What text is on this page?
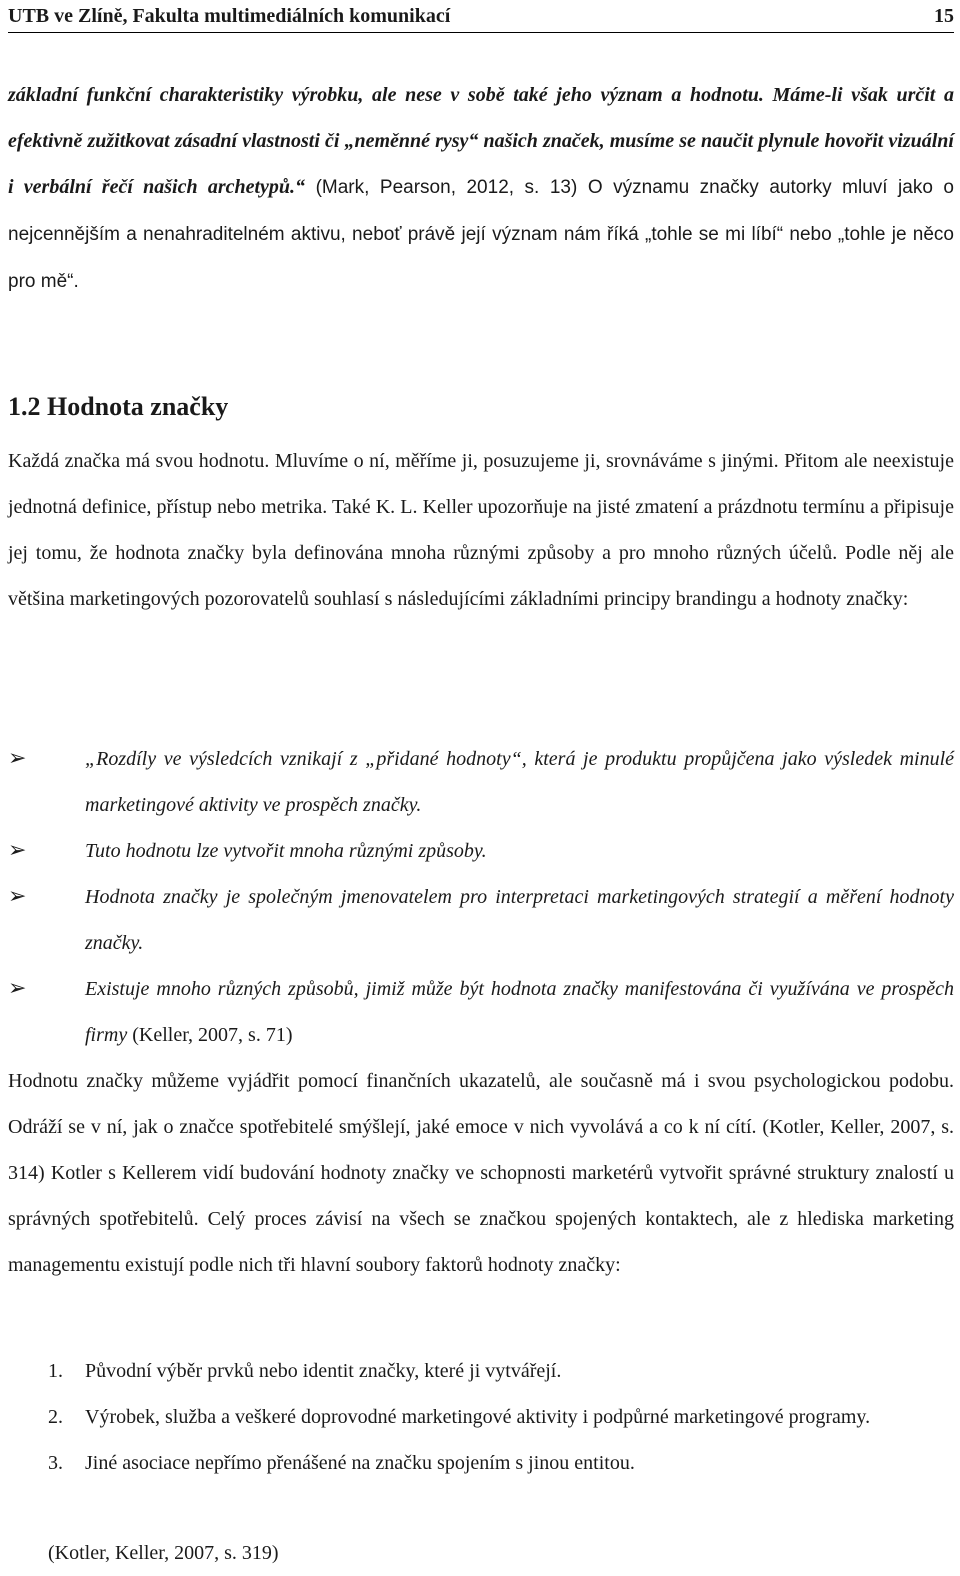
UTB ve Zlíně, Fakulta multimediálních komunikací	15
základní funkční charakteristiky výrobku, ale nese v sobě také jeho význam a hodnotu. Máme-li však určit a efektivně zužitkovat zásadní vlastnosti či „neměnné rysy“ našich značek, musíme se naučit plynule hovořit vizuální i verbální řečí našich archetypů.“ (Mark, Pearson, 2012, s. 13) O významu značky autorky mluví jako o nejcennějším a nenahraditelném aktivu, neboť právě její význam nám říká „tohle se mi líbí“ nebo „tohle je něco pro mě“.
1.2 Hodnota značky
Každá značka má svou hodnotu. Mluvíme o ní, měříme ji, posuzujeme ji, srovnáváme s jinými. Přitom ale neexistuje jednotná definice, přístup nebo metrika. Také K. L. Keller upozorňuje na jisté zmatení a prázdnotu termínu a připisuje jej tomu, že hodnota značky byla definována mnoha různými způsoby a pro mnoho různých účelů. Podle něj ale většina marketingových pozorovatelů souhlasí s následujícími základními principy brandingu a hodnoty značky:
➢	„Rozdíly ve výsledcích vznikají z „přidané hodnoty“, která je produktu propůjčena jako výsledek minulé marketingové aktivity ve prospěch značky.
➢	Tuto hodnotu lze vytvořit mnoha různými způsoby.
➢	Hodnota značky je společným jmenovatelem pro interpretaci marketingových strategií a měření hodnoty značky.
➢	Existuje mnoho různých způsobů, jimiž může být hodnota značky manifestována či využívána ve prospěch firmy (Keller, 2007, s. 71)
Hodnotu značky můžeme vyjádřit pomocí finančních ukazatelů, ale současně má i svou psychologickou podobu. Odráží se v ní, jak o značce spotřebitelé smýšlejí, jaké emoce v nich vyvolává a co k ní cítí. (Kotler, Keller, 2007, s. 314) Kotler s Kellerem vidí budování hodnoty značky ve schopnosti marketérů vytvořit správné struktury znalostí u správných spotřebitelů. Celý proces závisí na všech se značkou spojených kontaktech, ale z hlediska marketing managementu existují podle nich tři hlavní soubory faktorů hodnoty značky:
1. Původní výběr prvků nebo identit značky, které ji vytvářejí.
2. Výrobek, služba a veškeré doprovodné marketingové aktivity i podpůrné marketingové programy.
3. Jiné asociace nepřímo přenášené na značku spojením s jinou entitou.
(Kotler, Keller, 2007, s. 319)
